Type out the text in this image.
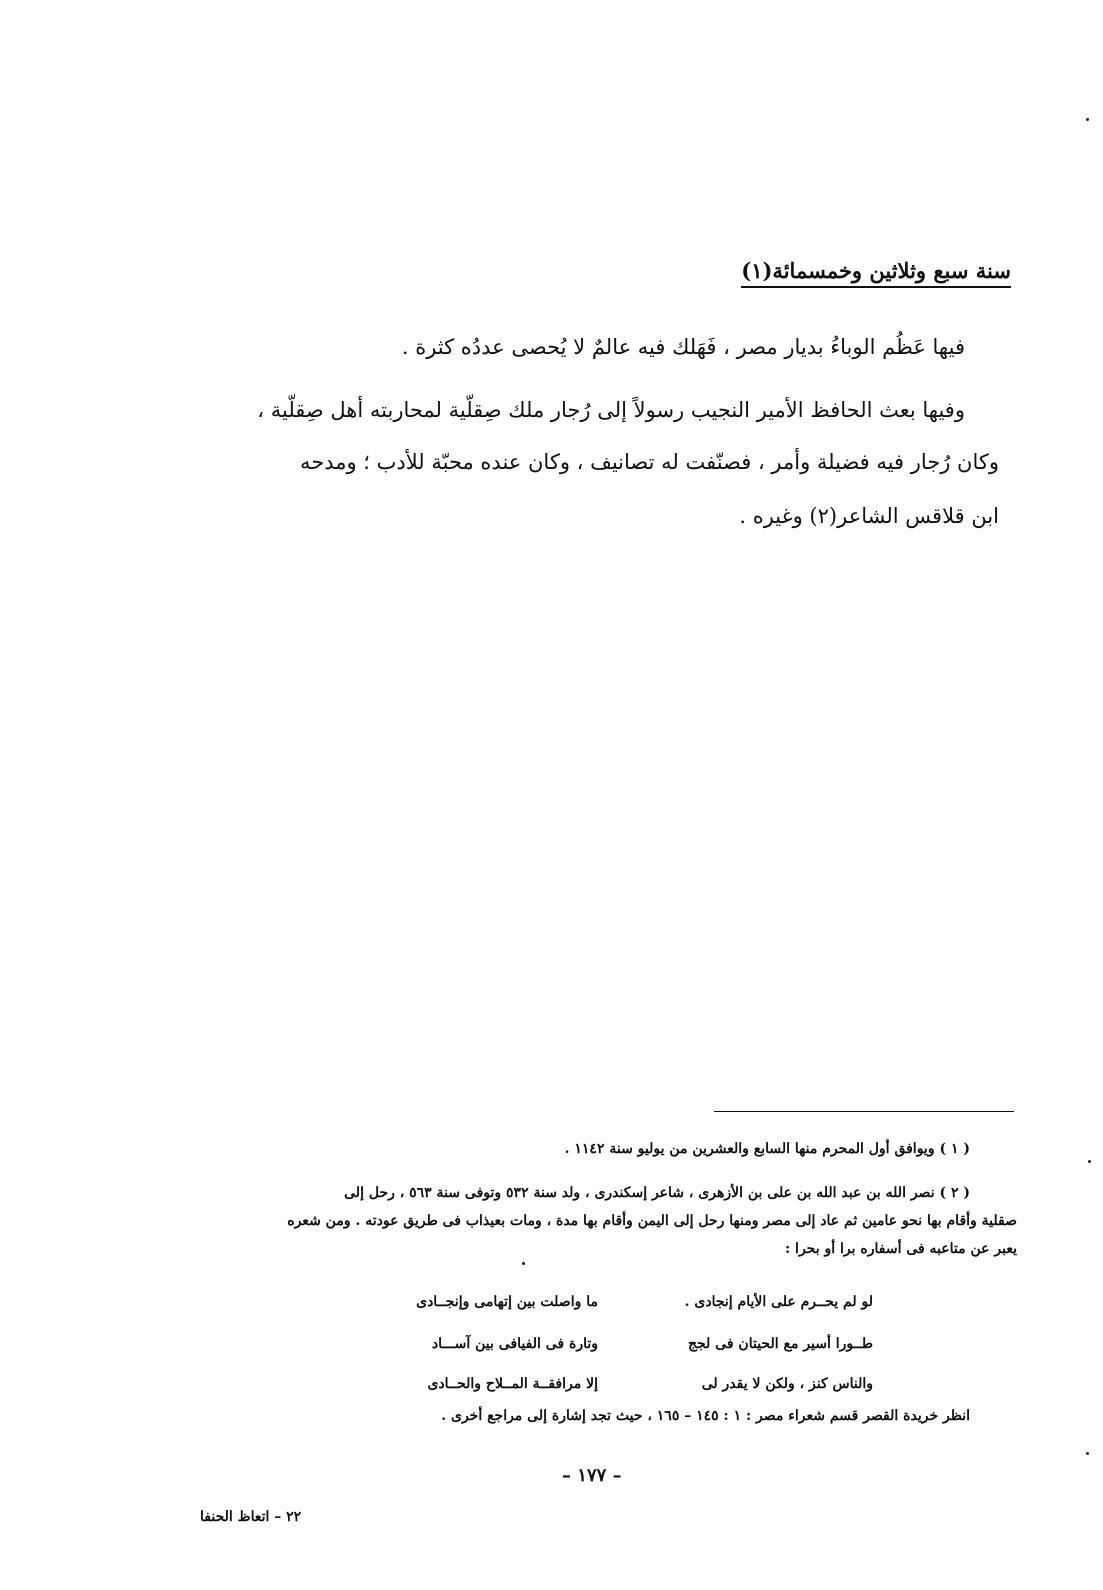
سنة سبع وثلاثين وخمسمائة(١)
فيها عَظُم الوباءُ بديار مصر ، فَهَلك فيه عالمٌ لا يُحصى عددُه كثرة .
وفيها بعث الحافظ الأمير النجيب رسولاً إلى رُجار ملك صِقلّية لمحاربته أهل صِقلّية ،
وكان رُجار فيه فضيلة وأمر ، فصنّفت له تصانيف ، وكان عنده محبّة للأدب ؛ ومدحه
ابن قلاقس الشاعر(٢) وغيره .
( ١ ) ويوافق أول المحرم منها السابع والعشرين من يوليو سنة ١١٤٢ .
( ٢ ) نصر الله بن عبد الله بن على بن الأزهرى ، شاعر إسكندرى ، ولد سنة ٥٣٢ وتوفى سنة ٥٦٣ ، رحل إلى
صقلية وأقام بها نحو عامين ثم عاد إلى مصر ومنها رحل إلى اليمن وأقام بها مدة ، ومات بعيذاب فى طريق عودته . ومن شعره
يعبر عن متاعبه فى أسفاره برا أو بحرا :
لو لم يحــرم على الأيام إنجادى .
ما واصلت بين إتهامى وإنجــادى
طــورا أسير مع الحيتان فى لجج
وتارة فى الفيافى بين آســـاد
والناس كنز ، ولكن لا يقدر لى
إلا مرافقــة المــلاح والحــادى
انظر خريدة القصر قسم شعراء مصر : ١ : ١٤٥ – ١٦٥ ، حيث تجد إشارة إلى مراجع أخرى .
– ١٧٧ –
٢٢ – اتعاظ الحنفا
